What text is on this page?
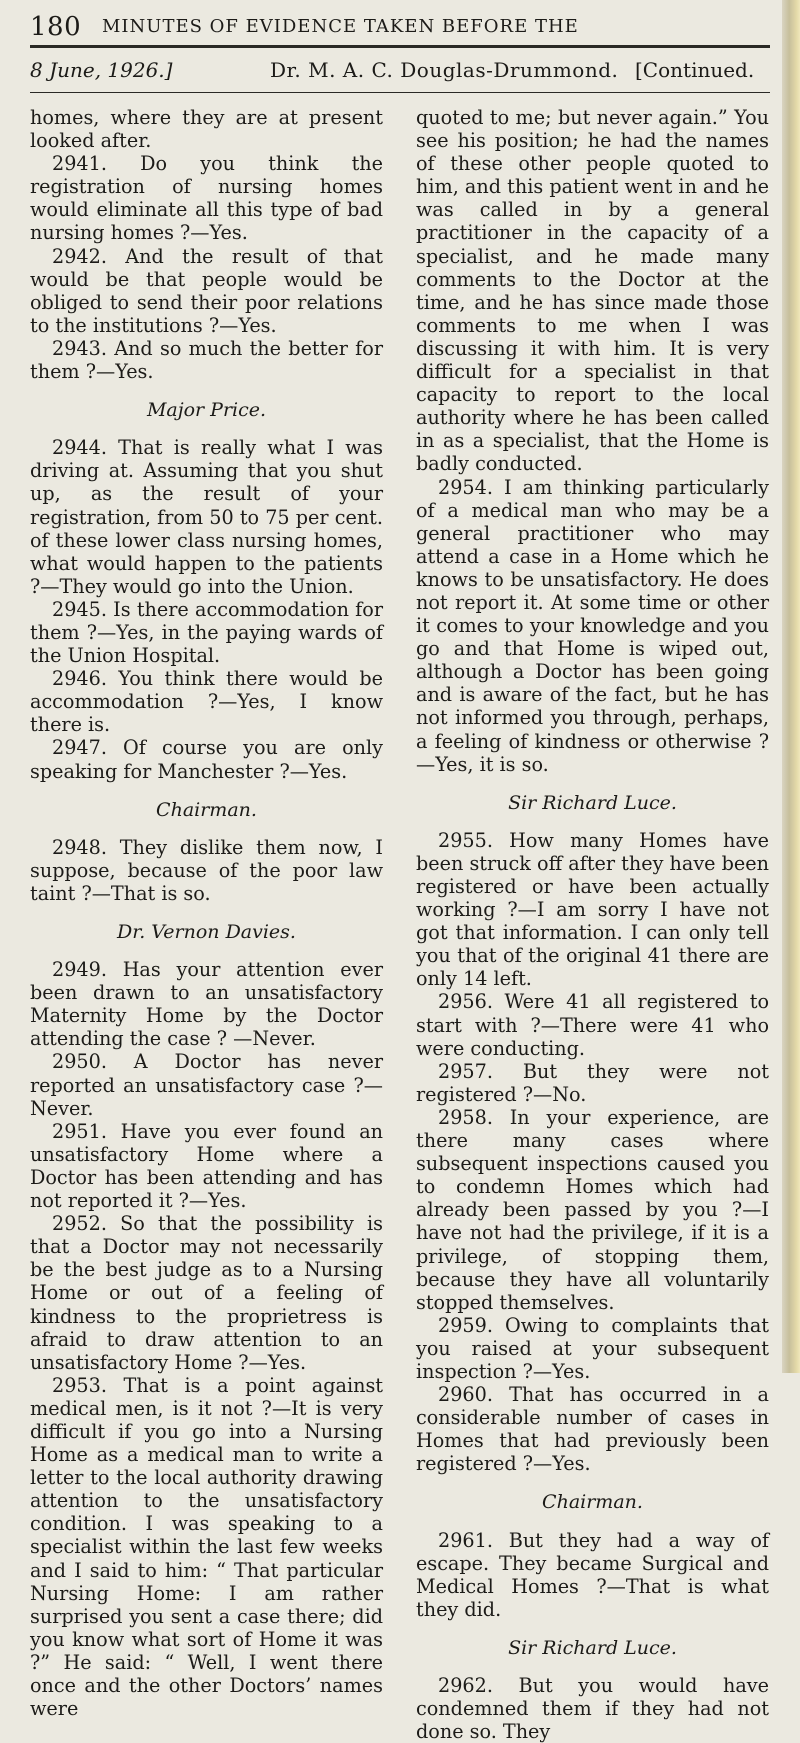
180 MINUTES OF EVIDENCE TAKEN BEFORE THE
8 June, 1926.]	Dr. M. A. C. Douglas-Drummond. [Continued.

homes, where they are at present looked after.

2941. Do you think the registration of nursing homes would eliminate all this type of bad nursing homes ?—Yes.

2942. And the result of that would be that people would be obliged to send their poor relations to the institutions ?—Yes.

2943. And so much the better for them ?—Yes.

Major Price.

2944. That is really what I was driving at. Assuming that you shut up, as the result of your registration, from 50 to 75 per cent. of these lower class nursing homes, what would happen to the patients ?—They would go into the Union.

2945. Is there accommodation for them ?—Yes, in the paying wards of the Union Hospital.

2946. You think there would be accommodation ?—Yes, I know there is.

2947. Of course you are only speaking for Manchester ?—Yes.

Chairman.

2948. They dislike them now, I suppose, because of the poor law taint ?—That is so.

Dr. Vernon Davies.

2949. Has your attention ever been drawn to an unsatisfactory Maternity Home by the Doctor attending the case ? —Never.

2950. A Doctor has never reported an unsatisfactory case ?—Never.

2951. Have you ever found an unsatisfactory Home where a Doctor has been attending and has not reported it ?—Yes.

2952. So that the possibility is that a Doctor may not necessarily be the best judge as to a Nursing Home or out of a feeling of kindness to the proprietress is afraid to draw attention to an unsatisfactory Home ?—Yes.

2953. That is a point against medical men, is it not ?—It is very difficult if you go into a Nursing Home as a medical man to write a letter to the local authority drawing attention to the unsatisfactory condition. I was speaking to a specialist within the last few weeks and I said to him: “ That particular Nursing Home: I am rather surprised you sent a case there; did you know what sort of Home it was ?” He said: “ Well, I went there once and the other Doctors’ names were

quoted to me; but never again.” You see his position; he had the names of these other people quoted to him, and this patient went in and he was called in by a general practitioner in the capacity of a specialist, and he made many comments to the Doctor at the time, and he has since made those comments to me when I was discussing it with him. It is very difficult for a specialist in that capacity to report to the local authority where he has been called in as a specialist, that the Home is badly conducted.

2954. I am thinking particularly of a medical man who may be a general practitioner who may attend a case in a Home which he knows to be unsatisfactory. He does not report it. At some time or other it comes to your knowledge and you go and that Home is wiped out, although a Doctor has been going and is aware of the fact, but he has not informed you through, perhaps, a feeling of kindness or otherwise ?—Yes, it is so.

Sir Richard Luce.

2955. How many Homes have been struck off after they have been registered or have been actually working ?—I am sorry I have not got that information. I can only tell you that of the original 41 there are only 14 left.

2956. Were 41 all registered to start with ?—There were 41 who were conducting.

2957. But they were not registered ?—No.

2958. In your experience, are there many cases where subsequent inspections caused you to condemn Homes which had already been passed by you ?—I have not had the privilege, if it is a privilege, of stopping them, because they have all voluntarily stopped themselves.

2959. Owing to complaints that you raised at your subsequent inspection ?—Yes.

2960. That has occurred in a considerable number of cases in Homes that had previously been registered ?—Yes.

Chairman.

2961. But they had a way of escape. They became Surgical and Medical Homes ?—That is what they did.

Sir Richard Luce.

2962. But you would have condemned them if they had not done so. They
